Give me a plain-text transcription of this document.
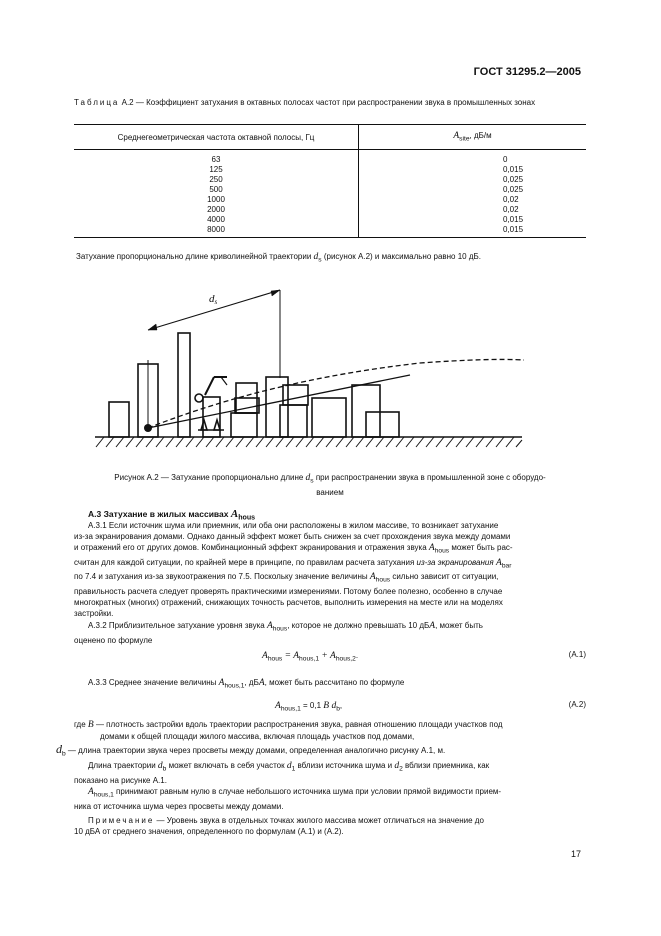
ГОСТ 31295.2—2005
Таблица А.2 — Коэффициент затухания в октавных полосах частот при распространении звука в промышленных зонах
Среднегеометрическая частота октавной полосы, Гц	$A_{site}$, дБ/м
63	0
125	0,015
250	0,025
500	0,025
1000	0,02
2000	0,02
4000	0,015
8000	0,015
Затухание пропорционально длине криволинейной траектории $d_s$ (рисунок А.2) и максимально равно 10 дБ.
ds
Рисунок А.2 — Затухание пропорционально длине $d_s$ при распространении звука в промышленной зоне с оборудо-
ванием
А.3 Затухание в жилых массивах $A_{hous}$
А.3.1 Если источник шума или приемник, или оба они расположены в жилом массиве, то возникает затухание
из-за экранирования домами. Однако данный эффект может быть снижен за счет прохождения звука между домами
и отражений его от других домов. Комбинационный эффект экранирования и отражения звука $A_{hous}$ может быть рас-
считан для каждой ситуации, по крайней мере в принципе, по правилам расчета затухания из-за экранирования $A_{bar}$
по 7.4 и затухания из-за звукоотражения по 7.5. Поскольку значение величины $A_{hous}$ сильно зависит от ситуации,
правильность расчета следует проверять практическими измерениями. Потому более полезно, особенно в случае
многократных (многих) отражений, снижающих точность расчетов, выполнить измерения на месте или на моделях
застройки.
А.3.2 Приблизительное затухание уровня звука $A_{hous}$, которое не должно превышать 10 дБA, может быть
оценено по формуле
$A_{hous} = A_{hous,1} + A_{hous,2}$.	(А.1)
А.3.3 Среднее значение величины $A_{hous,1}$, дБA, может быть рассчитано по формуле
$A_{hous,1} = 0,1$ B $d_b$,	(А.2)
где B — плотность застройки вдоль траектории распространения звука, равная отношению площади участков под
домами к общей площади жилого массива, включая площадь участков под домами,
$d_b$ — длина траектории звука через просветы между домами, определенная аналогично рисунку А.1, м.
Длина траектории $d_b$ может включать в себя участок $d_1$ вблизи источника шума и $d_2$ вблизи приемника, как
показано на рисунке А.1.
$A_{hous,1}$ принимают равным нулю в случае небольшого источника шума при условии прямой видимости прием-
ника от источника шума через просветы между домами.
Примечание — Уровень звука в отдельных точках жилого массива может отличаться на значение до
10 дБА от среднего значения, определенного по формулам (А.1) и (А.2).
17
